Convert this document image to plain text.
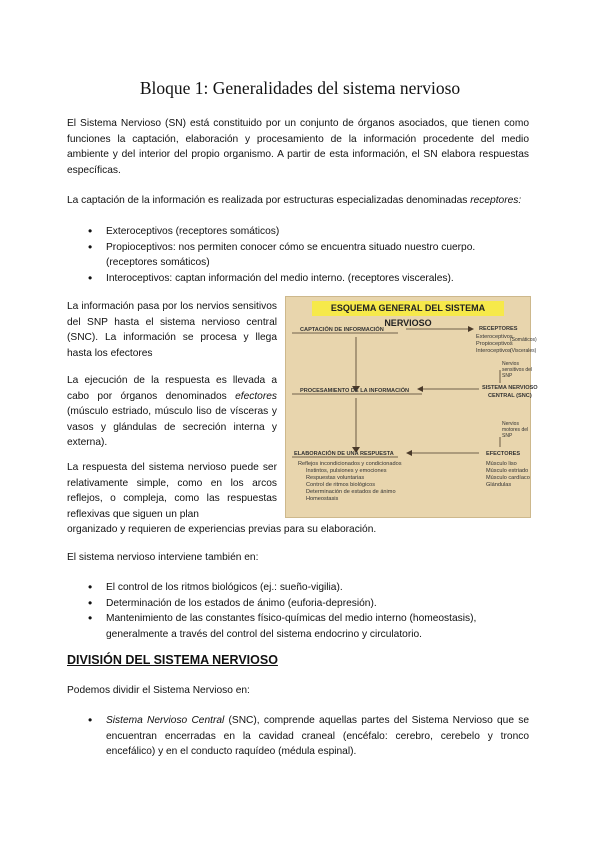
Bloque 1: Generalidades del sistema nervioso
El Sistema Nervioso (SN) está constituido por un conjunto de órganos asociados, que tienen como funciones la captación, elaboración y procesamiento de la información procedente del medio ambiente y del interior del propio organismo. A partir de esta información, el SN elabora respuestas específicas.
La captación de la información es realizada por estructuras especializadas denominadas receptores:
• Exteroceptivos (receptores somáticos)
• Propioceptivos: nos permiten conocer cómo se encuentra situado nuestro cuerpo. (receptores somáticos)
• Interoceptivos: captan información del medio interno. (receptores viscerales).
La información pasa por los nervios sensitivos del SNP hasta el sistema nervioso central (SNC). La información se procesa y llega hasta los efectores
La ejecución de la respuesta es llevada a cabo por órganos denominados efectores (músculo estriado, músculo liso de vísceras y vasos y glándulas de secreción interna y externa).
La respuesta del sistema nervioso puede ser relativamente simple, como en los arcos reflejos, o compleja, como las respuestas reflexivas que siguen un plan
organizado y requieren de experiencias previas para su elaboración.
ESQUEMA GENERAL DEL SISTEMA NERVIOSO
CAPTACIÓN DE INFORMACIÓN	RECEPTORES
Exteroceptivos
Propioceptivos
Interoceptivos
(Somáticos)
(Viscerales)
Nervios sensitivos del SNP
PROCESAMIENTO DE LA INFORMACIÓN	SISTEMA NERVIOSO
CENTRAL (SNC)
Nervios motores del SNP
ELABORACIÓN DE UNA RESPUESTA	EFECTORES
Reflejos incondicionados y condicionados
Instintos, pulsiones y emociones
Respuestas voluntarias
Control de ritmos biológicos
Determinación de estados de ánimo
Homeostasis
Músculo liso
Músculo estriado
Músculo cardíaco
Glándulas
El sistema nervioso interviene también en:
• El control de los ritmos biológicos (ej.: sueño-vigilia).
• Determinación de los estados de ánimo (euforia-depresión).
• Mantenimiento de las constantes físico-químicas del medio interno (homeostasis), generalmente a través del control del sistema endocrino y circulatorio.
DIVISIÓN DEL SISTEMA NERVIOSO
Podemos dividir el Sistema Nervioso en:
• Sistema Nervioso Central (SNC), comprende aquellas partes del Sistema Nervioso que se encuentran encerradas en la cavidad craneal (encéfalo: cerebro, cerebelo y tronco encefálico) y en el conducto raquídeo (médula espinal).
